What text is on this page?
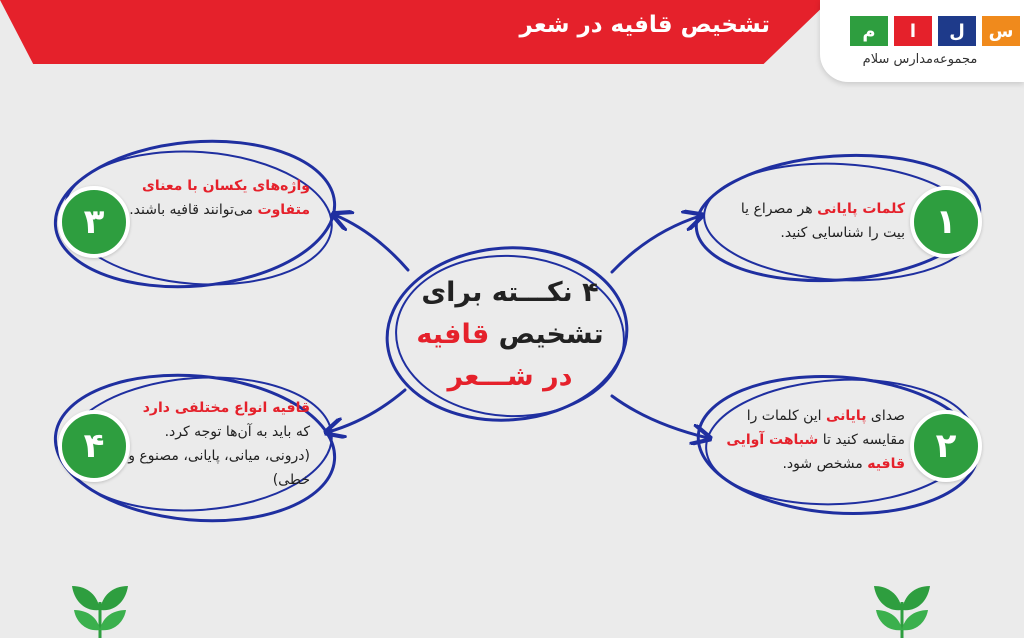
تشخیص قافیه در شعر	م	ا	ل	س
مجموعه‌مدارس سلام
۴ نکـــته برای
تشخیص قافیه
در شـــعر
۱
کلمات پایانی هر مصراع یا بیت را شناسایی کنید.
۲
صدای پایانی این کلمات را مقایسه کنید تا شباهت آوایی قافیه مشخص شود.
۳
واژه‌های یکسان با معنای متفاوت می‌توانند قافیه باشند.
۴
قافیه انواع مختلفی دارد که باید به آن‌ها توجه کرد.
(درونی، میانی، پایانی، مصنوع و خطی)
